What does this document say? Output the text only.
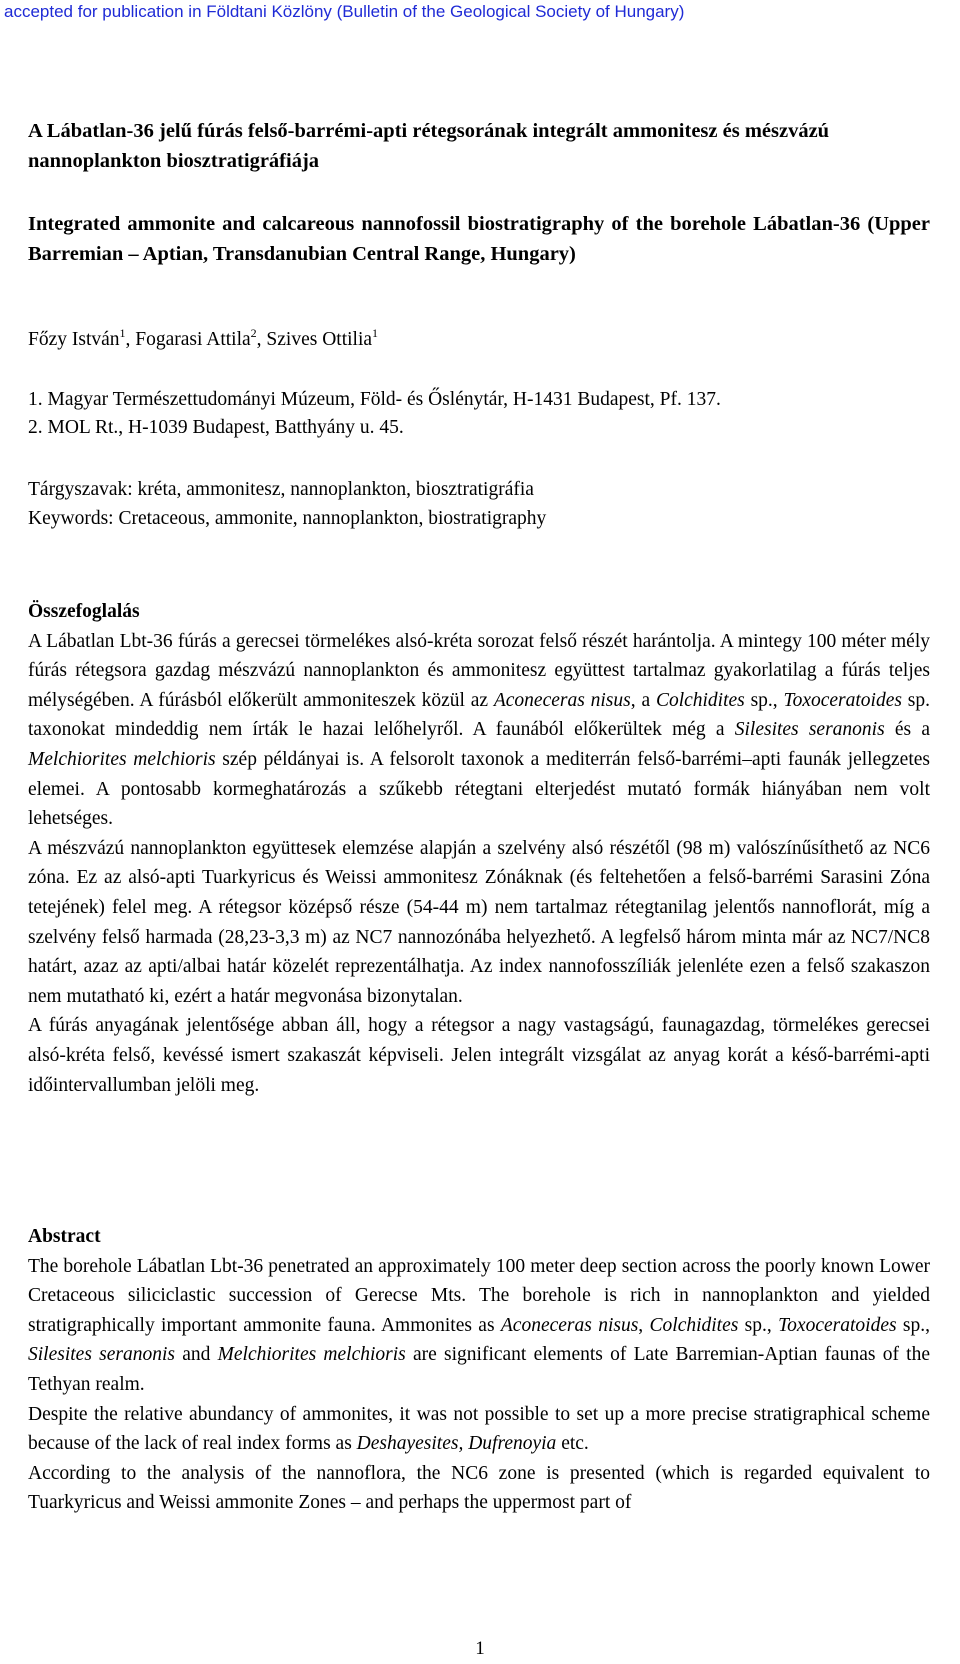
accepted for publication in Földtani Közlöny (Bulletin of the Geological Society of Hungary)
A Lábatlan-36 jelű fúrás felső-barrémi-apti rétegsorának integrált ammonitesz és mészvázú nannoplankton biosztratigráfiája
Integrated ammonite and calcareous nannofossil biostratigraphy of the borehole Lábatlan-36 (Upper Barremian – Aptian, Transdanubian Central Range, Hungary)
Főzy István$^1$, Fogarasi Attila$^2$, Szives Ottilia$^1$
1. Magyar Természettudományi Múzeum, Föld- és Őslénytár, H-1431 Budapest, Pf. 137.
2. MOL Rt., H-1039 Budapest, Batthyány u. 45.
Tárgyszavak: kréta, ammonitesz, nannoplankton, biosztratigráfia
Keywords: Cretaceous, ammonite, nannoplankton, biostratigraphy
Összefoglalás

A Lábatlan Lbt-36 fúrás a gerecsei törmelékes alsó-kréta sorozat felső részét harántolja. A mintegy 100 méter mély fúrás rétegsora gazdag mészvázú nannoplankton és ammonitesz együttest tartalmaz gyakorlatilag a fúrás teljes mélységében. A fúrásból előkerült ammoniteszek közül az Aconeceras nisus, a Colchidites sp., Toxoceratoides sp. taxonokat mindeddig nem írták le hazai lelőhelyről. A faunából előkerültek még a Silesites seranonis és a Melchiorites melchioris szép példányai is. A felsorolt taxonok a mediterrán felső-barrémi–apti faunák jellegzetes elemei. A pontosabb kormeghatározás a szűkebb rétegtani elterjedést mutató formák hiányában nem volt lehetséges.

A mészvázú nannoplankton együttesek elemzése alapján a szelvény alsó részétől (98 m) valószínűsíthető az NC6 zóna. Ez az alsó-apti Tuarkyricus és Weissi ammonitesz Zónáknak (és feltehetően a felső-barrémi Sarasini Zóna tetejének) felel meg. A rétegsor középső része (54-44 m) nem tartalmaz rétegtanilag jelentős nannoflorát, míg a szelvény felső harmada (28,23-3,3 m) az NC7 nannozónába helyezhető. A legfelső három minta már az NC7/NC8 határt, azaz az apti/albai határ közelét reprezentálhatja. Az index nannofosszíliák jelenléte ezen a felső szakaszon nem mutatható ki, ezért a határ megvonása bizonytalan.

A fúrás anyagának jelentősége abban áll, hogy a rétegsor a nagy vastagságú, faunagazdag, törmelékes gerecsei alsó-kréta felső, kevéssé ismert szakaszát képviseli. Jelen integrált vizsgálat az anyag korát a késő-barrémi-apti időintervallumban jelöli meg.

Abstract

The borehole Lábatlan Lbt-36 penetrated an approximately 100 meter deep section across the poorly known Lower Cretaceous siliciclastic succession of Gerecse Mts. The borehole is rich in nannoplankton and yielded stratigraphically important ammonite fauna. Ammonites as Aconeceras nisus, Colchidites sp., Toxoceratoides sp., Silesites seranonis and Melchiorites melchioris are significant elements of Late Barremian-Aptian faunas of the Tethyan realm.

Despite the relative abundancy of ammonites, it was not possible to set up a more precise stratigraphical scheme because of the lack of real index forms as Deshayesites, Dufrenoyia etc.

According to the analysis of the nannoflora, the NC6 zone is presented (which is regarded equivalent to Tuarkyricus and Weissi ammonite Zones – and perhaps the uppermost part of

1
